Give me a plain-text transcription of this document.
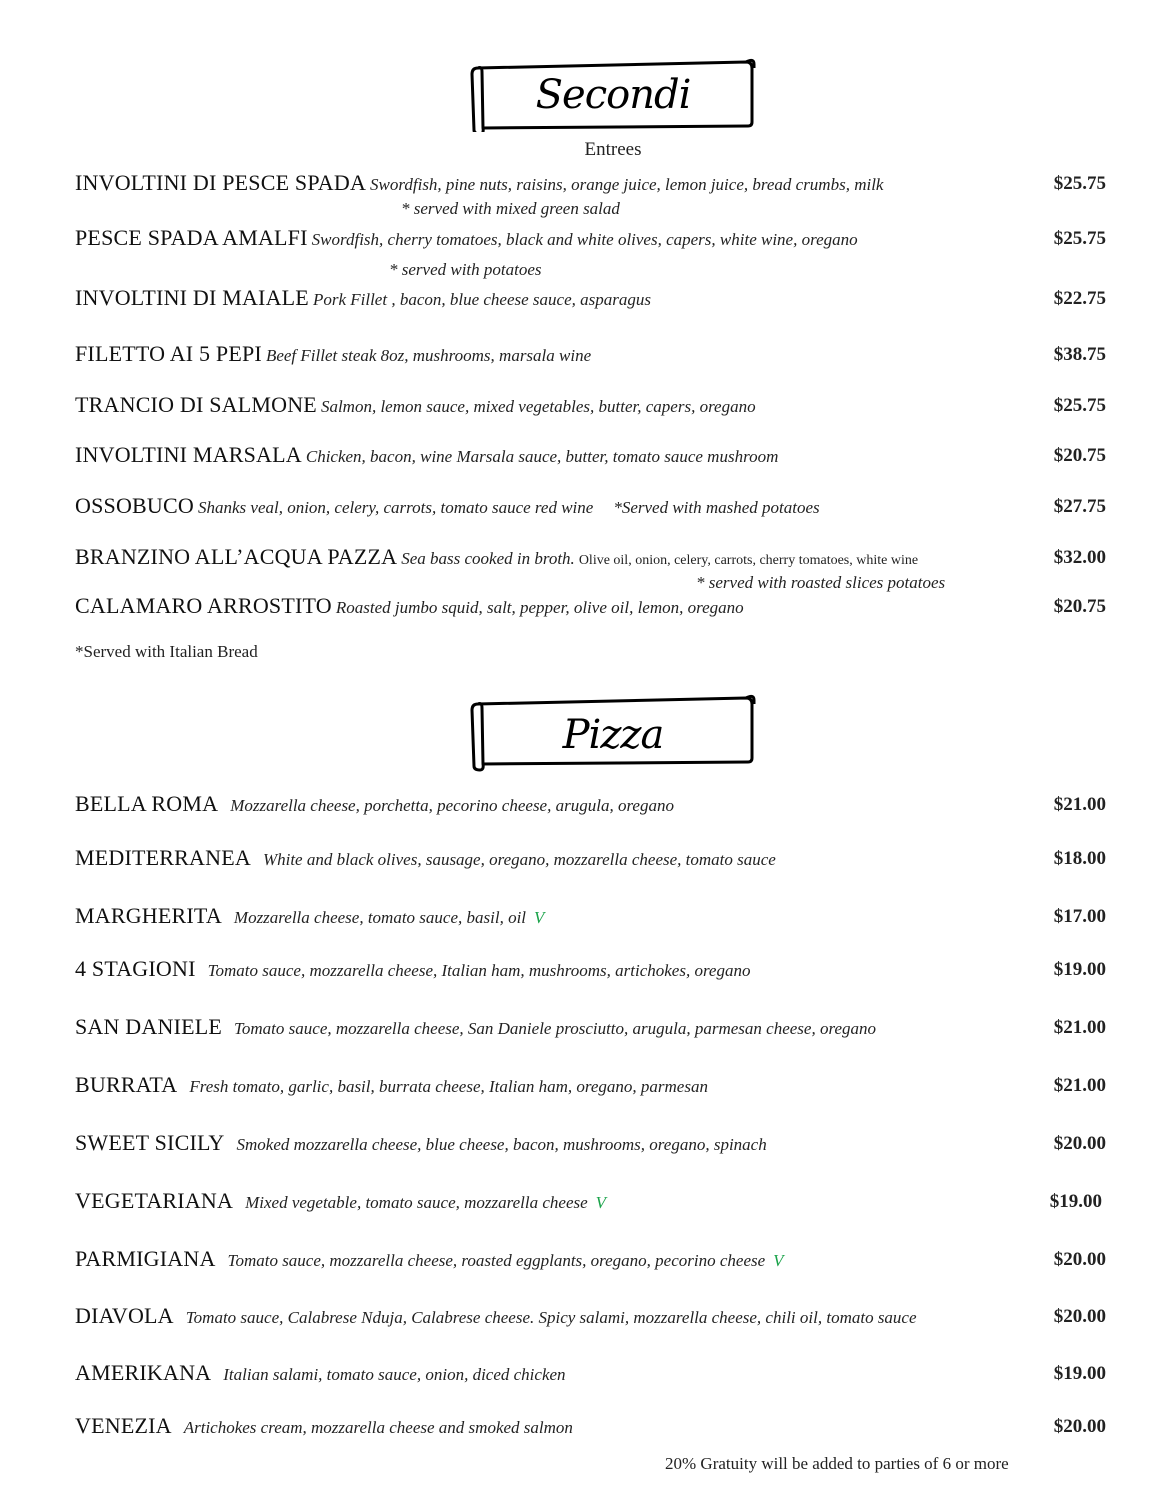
Secondi
Entrees
INVOLTINI DI PESCE SPADA Swordfish, pine nuts, raisins, orange juice, lemon juice, bread crumbs, milk	$25.75
* served with mixed green salad
PESCE SPADA AMALFI Swordfish, cherry tomatoes, black and white olives, capers, white wine, oregano	$25.75
* served with potatoes
INVOLTINI DI MAIALE Pork Fillet , bacon, blue cheese sauce, asparagus	$22.75
FILETTO AI 5 PEPI Beef Fillet steak 8oz, mushrooms, marsala wine	$38.75
TRANCIO DI SALMONE Salmon, lemon sauce, mixed vegetables, butter, capers, oregano	$25.75
INVOLTINI MARSALA Chicken, bacon, wine Marsala sauce, butter, tomato sauce mushroom	$20.75
OSSOBUCO Shanks veal, onion, celery, carrots, tomato sauce red wine *Served with mashed potatoes	$27.75
BRANZINO ALL’ACQUA PAZZA Sea bass cooked in broth. Olive oil, onion, celery, carrots, cherry tomatoes, white wine	$32.00
* served with roasted slices potatoes
CALAMARO ARROSTITO Roasted jumbo squid, salt, pepper, olive oil, lemon, oregano	$20.75
*Served with Italian Bread
Pizza
BELLA ROMA Mozzarella cheese, porchetta, pecorino cheese, arugula, oregano	$21.00
MEDITERRANEA White and black olives, sausage, oregano, mozzarella cheese, tomato sauce	$18.00
MARGHERITA Mozzarella cheese, tomato sauce, basil, oil V	$17.00
4 STAGIONI Tomato sauce, mozzarella cheese, Italian ham, mushrooms, artichokes, oregano	$19.00
SAN DANIELE Tomato sauce, mozzarella cheese, San Daniele prosciutto, arugula, parmesan cheese, oregano	$21.00
BURRATA Fresh tomato, garlic, basil, burrata cheese, Italian ham, oregano, parmesan	$21.00
SWEET SICILY Smoked mozzarella cheese, blue cheese, bacon, mushrooms, oregano, spinach	$20.00
VEGETARIANA Mixed vegetable, tomato sauce, mozzarella cheese V	$19.00
PARMIGIANA Tomato sauce, mozzarella cheese, roasted eggplants, oregano, pecorino cheese V	$20.00
DIAVOLA Tomato sauce, Calabrese Nduja, Calabrese cheese. Spicy salami, mozzarella cheese, chili oil, tomato sauce	$20.00
AMERIKANA Italian salami, tomato sauce, onion, diced chicken	$19.00
VENEZIA Artichokes cream, mozzarella cheese and smoked salmon	$20.00
20% Gratuity will be added to parties of 6 or more
